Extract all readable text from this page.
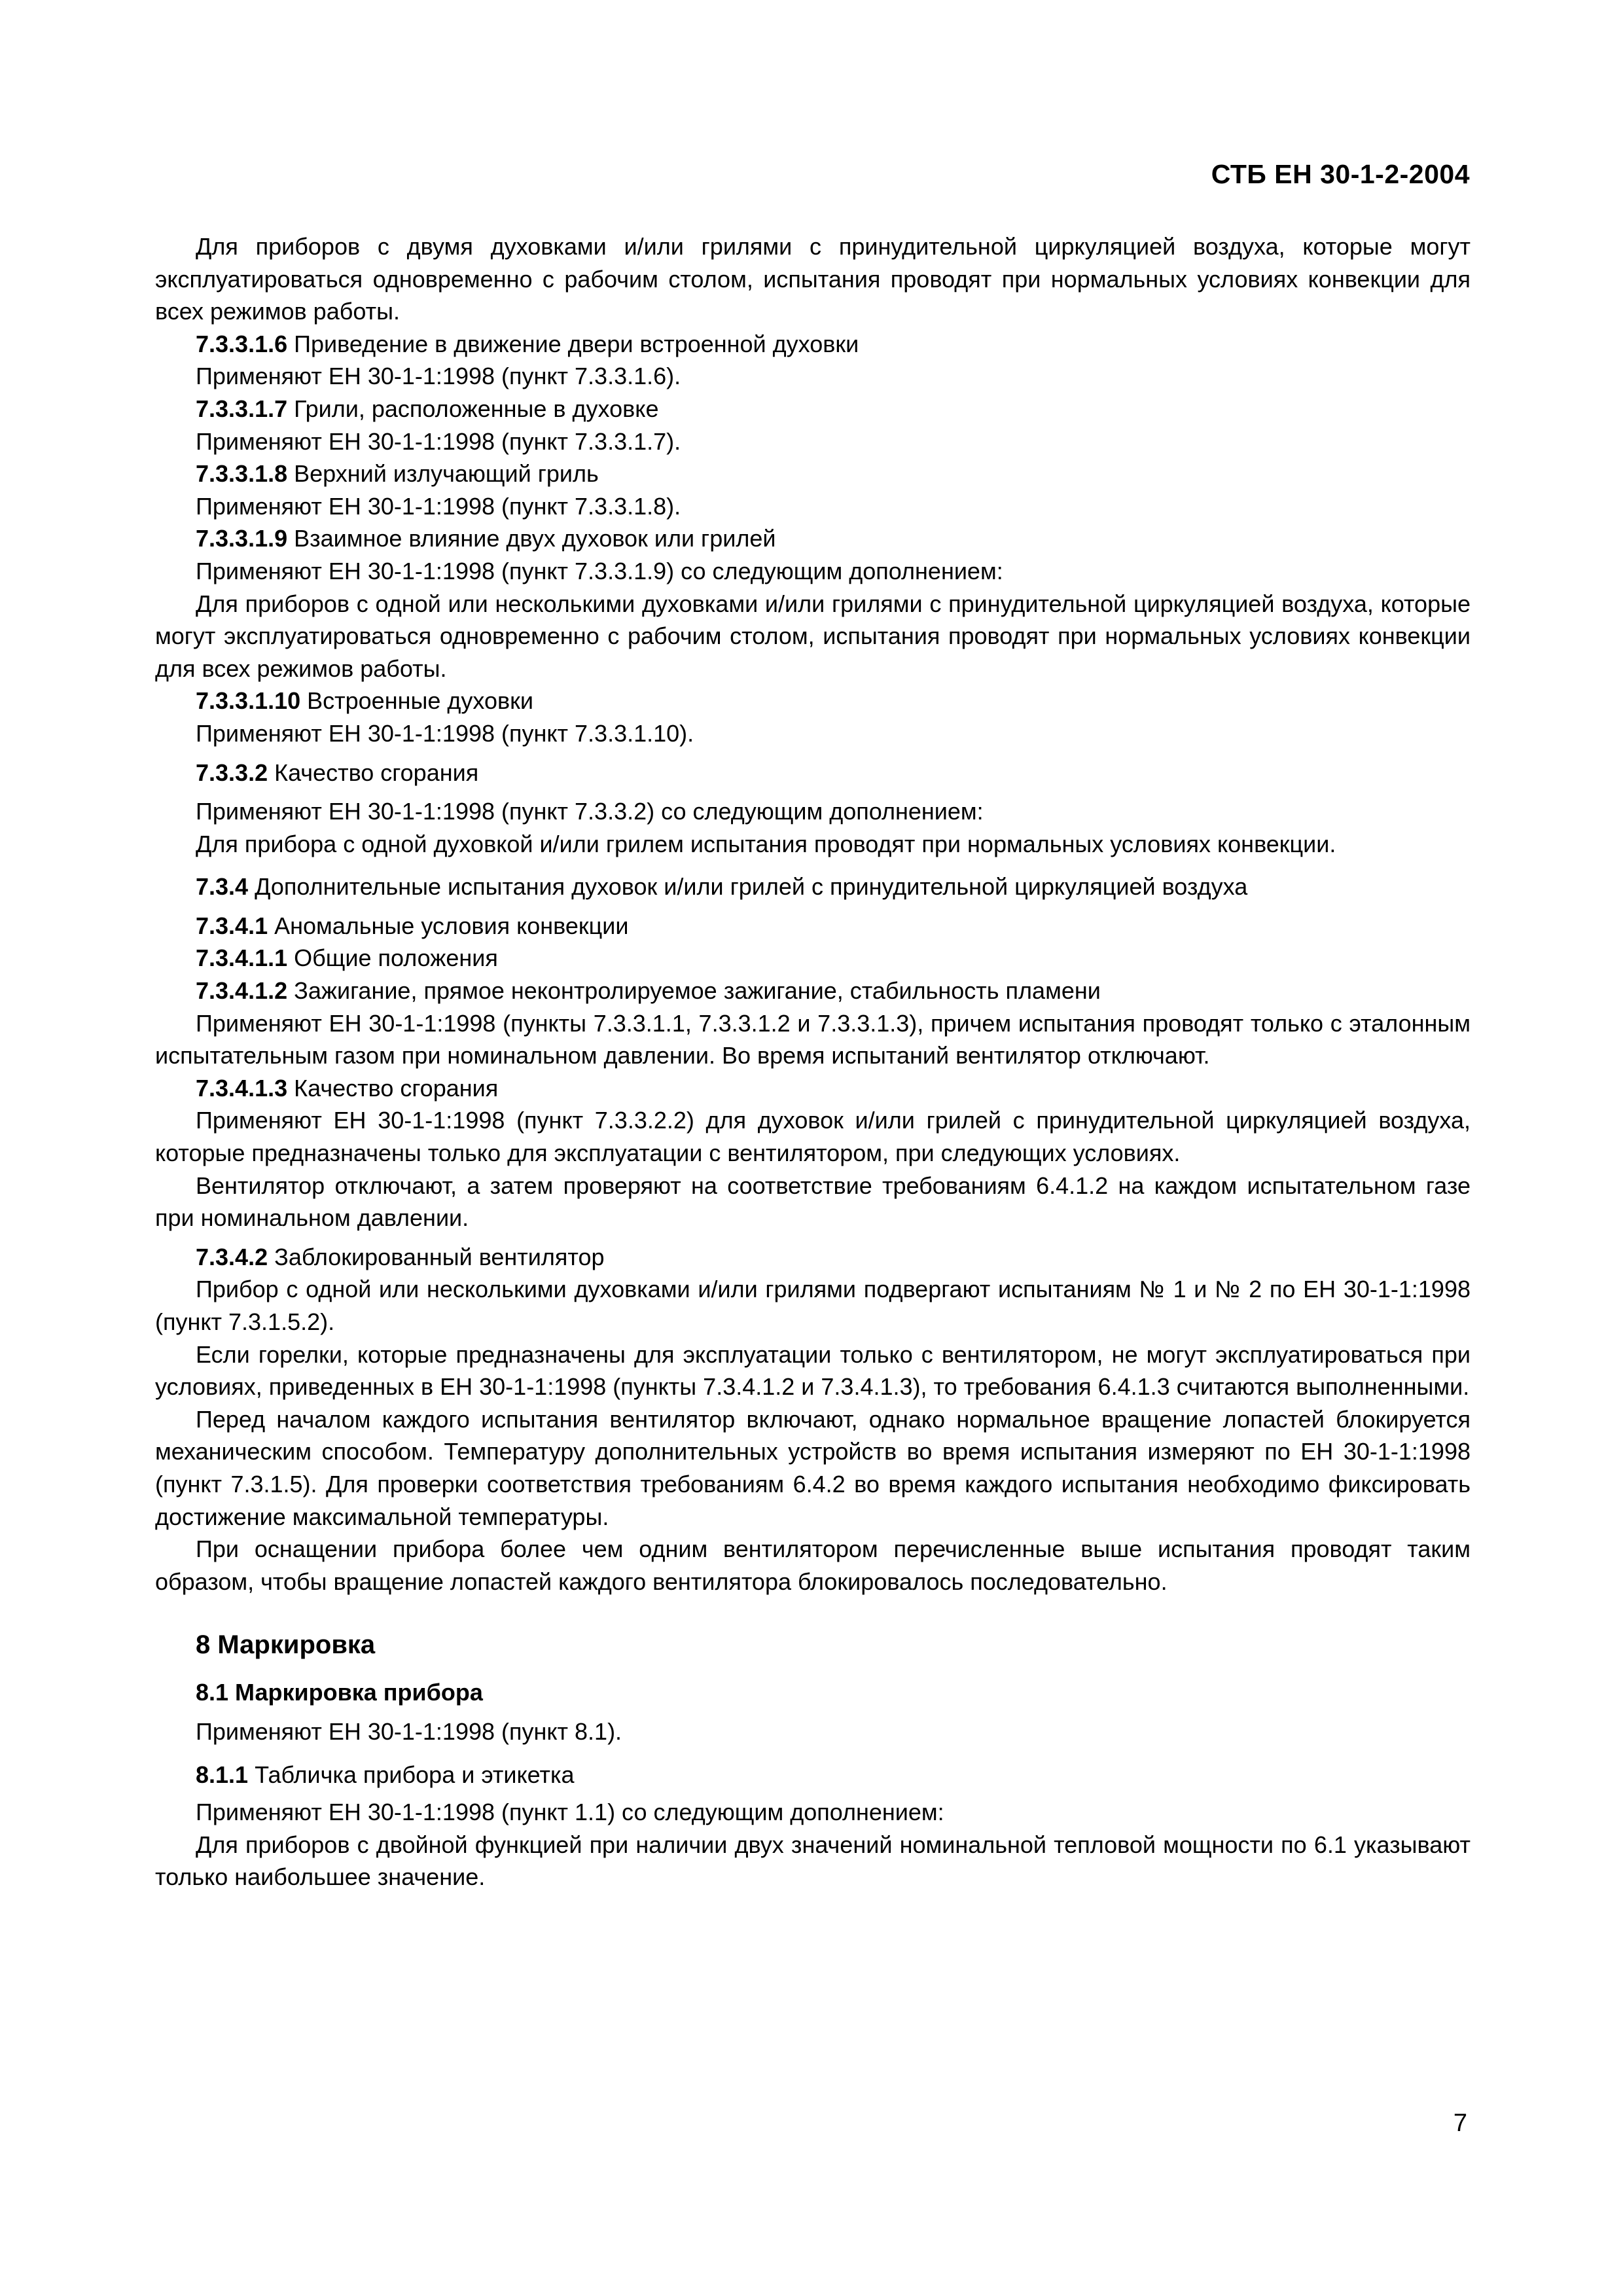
СТБ ЕН 30-1-2-2004

Для приборов с двумя духовками и/или грилями с принудительной циркуляцией воздуха, которые могут эксплуатироваться одновременно с рабочим столом, испытания проводят при нормальных условиях конвекции для всех режимов работы.

7.3.3.1.6 Приведение в движение двери встроенной духовки

Применяют ЕН 30-1-1:1998 (пункт 7.3.3.1.6).

7.3.3.1.7 Грили, расположенные в духовке

Применяют ЕН 30-1-1:1998 (пункт 7.3.3.1.7).

7.3.3.1.8 Верхний излучающий гриль

Применяют ЕН 30-1-1:1998 (пункт 7.3.3.1.8).

7.3.3.1.9 Взаимное влияние двух духовок или грилей

Применяют ЕН 30-1-1:1998 (пункт 7.3.3.1.9) со следующим дополнением:

Для приборов с одной или несколькими духовками и/или грилями с принудительной циркуляцией воздуха, которые могут эксплуатироваться одновременно с рабочим столом, испытания проводят при нормальных условиях конвекции для всех режимов работы.

7.3.3.1.10 Встроенные духовки

Применяют ЕН 30-1-1:1998 (пункт 7.3.3.1.10).

7.3.3.2 Качество сгорания

Применяют ЕН 30-1-1:1998 (пункт 7.3.3.2) со следующим дополнением:

Для прибора с одной духовкой и/или грилем испытания проводят при нормальных условиях конвекции.

7.3.4 Дополнительные испытания духовок и/или грилей с принудительной циркуляцией воздуха

7.3.4.1 Аномальные условия конвекции

7.3.4.1.1 Общие положения

7.3.4.1.2 Зажигание, прямое неконтролируемое зажигание, стабильность пламени

Применяют ЕН 30-1-1:1998 (пункты 7.3.3.1.1, 7.3.3.1.2 и 7.3.3.1.3), причем испытания проводят только с эталонным испытательным газом при номинальном давлении. Во время испытаний вентилятор отключают.

7.3.4.1.3 Качество сгорания

Применяют ЕН 30-1-1:1998 (пункт 7.3.3.2.2) для духовок и/или грилей с принудительной циркуляцией воздуха, которые предназначены только для эксплуатации с вентилятором, при следующих условиях.

Вентилятор отключают, а затем проверяют на соответствие требованиям 6.4.1.2 на каждом испытательном газе при номинальном давлении.

7.3.4.2 Заблокированный вентилятор

Прибор с одной или несколькими духовками и/или грилями подвергают испытаниям № 1 и № 2 по ЕН 30-1-1:1998 (пункт 7.3.1.5.2).

Если горелки, которые предназначены для эксплуатации только с вентилятором, не могут эксплуатироваться при условиях, приведенных в ЕН 30-1-1:1998 (пункты 7.3.4.1.2 и 7.3.4.1.3), то требования 6.4.1.3 считаются выполненными.

Перед началом каждого испытания вентилятор включают, однако нормальное вращение лопастей блокируется механическим способом. Температуру дополнительных устройств во время испытания измеряют по ЕН 30-1-1:1998 (пункт 7.3.1.5). Для проверки соответствия требованиям 6.4.2 во время каждого испытания необходимо фиксировать достижение максимальной температуры.

При оснащении прибора более чем одним вентилятором перечисленные выше испытания проводят таким образом, чтобы вращение лопастей каждого вентилятора блокировалось последовательно.

8 Маркировка
8.1 Маркировка прибора

Применяют ЕН 30-1-1:1998 (пункт 8.1).

8.1.1 Табличка прибора и этикетка

Применяют ЕН 30-1-1:1998 (пункт 1.1) со следующим дополнением:

Для приборов с двойной функцией при наличии двух значений номинальной тепловой мощности по 6.1 указывают только наибольшее значение.

7
